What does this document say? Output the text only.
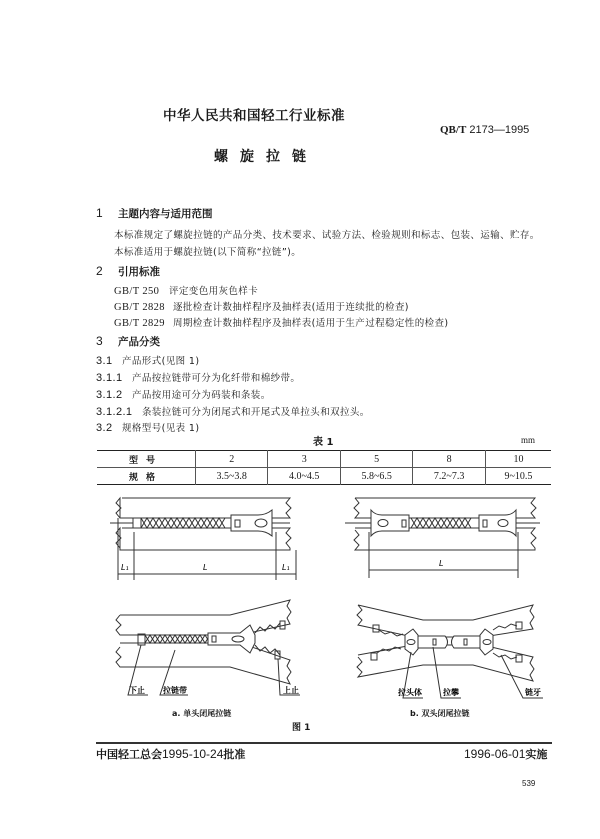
中华人民共和国轻工行业标准
QB/T 2173—1995
螺旋拉链
1 主题内容与适用范围
本标准规定了螺旋拉链的产品分类、技术要求、试验方法、检验规则和标志、包装、运输、贮存。
本标准适用于螺旋拉链(以下简称“拉链”)。
2 引用标准
GB/T 250 评定变色用灰色样卡
GB/T 2828 逐批检查计数抽样程序及抽样表(适用于连续批的检查)
GB/T 2829 周期检查计数抽样程序及抽样表(适用于生产过程稳定性的检查)
3 产品分类
3.1 产品形式(见图 1)
3.1.1 产品按拉链带可分为化纤带和棉纱带。
3.1.2 产品按用途可分为码装和条装。
3.1.2.1 条装拉链可分为闭尾式和开尾式及单拉头和双拉头。
3.2 规格型号(见表 1)
表 1	mm
型号	2	3	5	8	10
规格	3.5~3.8	4.0~4.5	5.8~6.5	7.2~7.3	9~10.5
L₁	L	L₁	L
下止 拉链带	上止
a. 单头闭尾拉链
拉头体	拉攀	链牙
b. 双头闭尾拉链
图 1
中国轻工总会1995-10-24批准	1996-06-01实施
539
